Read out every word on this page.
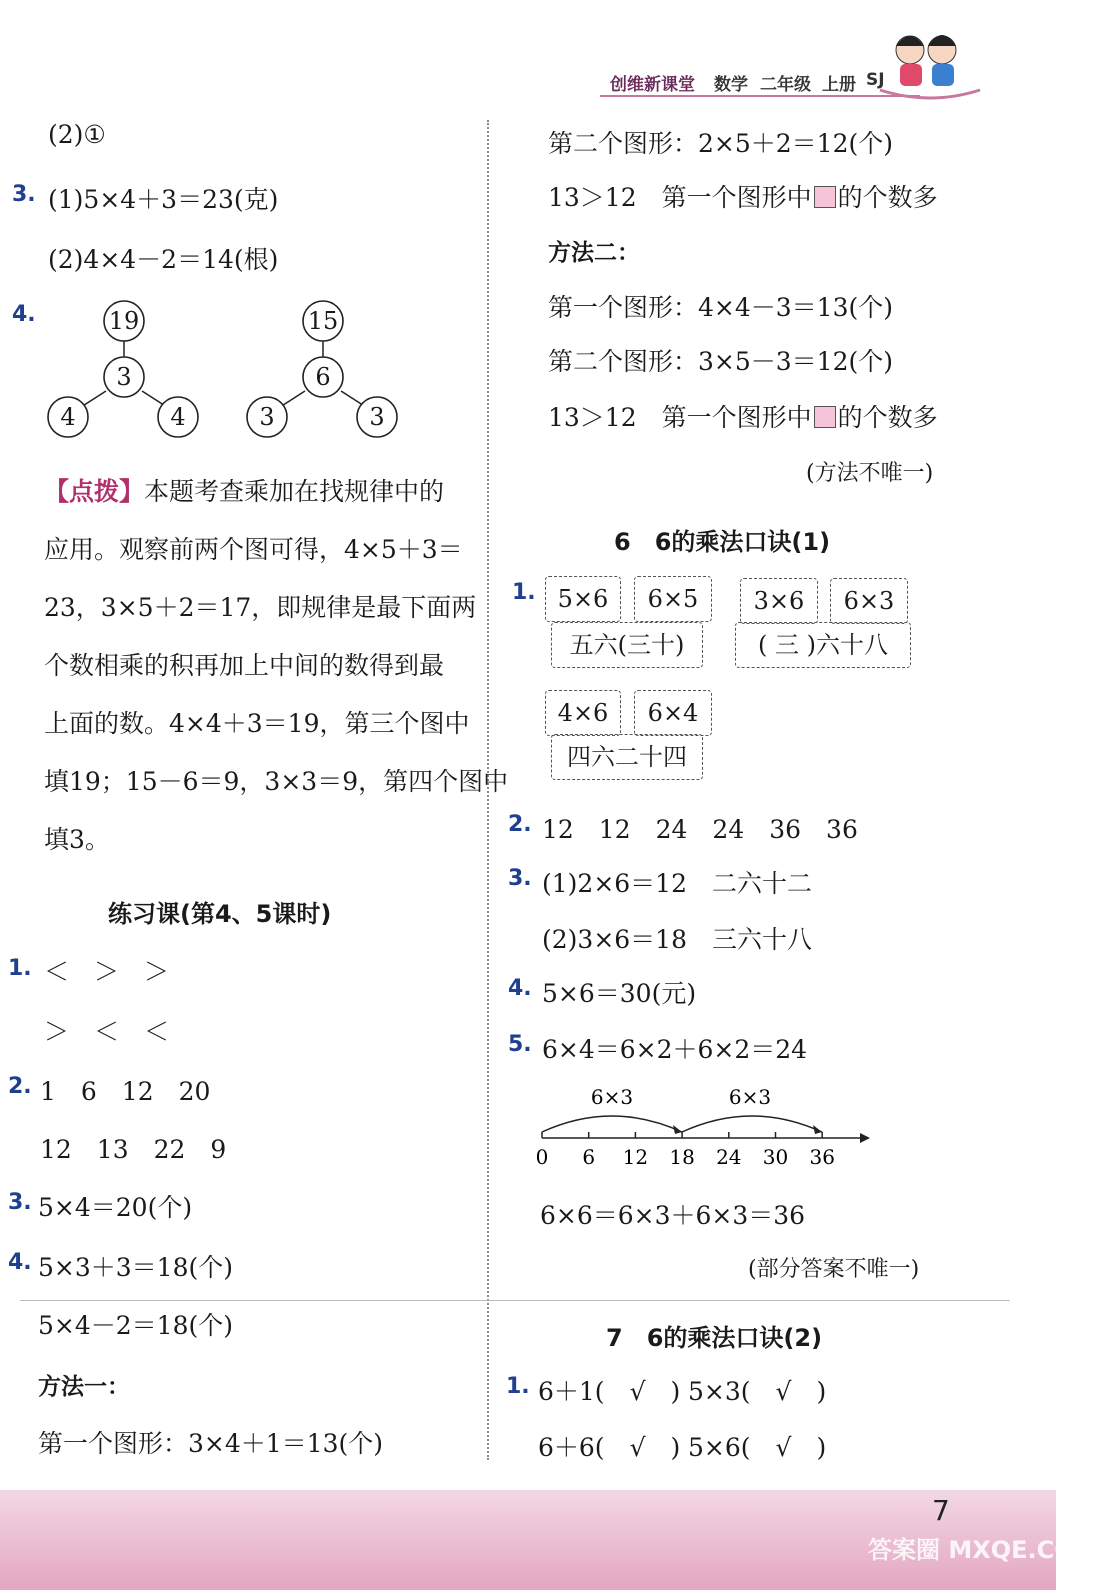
创维新课堂 数学 二年级 上册 SJ
(2)①
3. (1)5×4＋3＝23(克)
(2)4×4－2＝14(根)
4.	19
3
4	4
15
6
3	3
【点拨】本题考查乘加在找规律中的
应用。观察前两个图可得，4×5＋3＝
23，3×5＋2＝17，即规律是最下面两
个数相乘的积再加上中间的数得到最
上面的数。4×4＋3＝19，第三个图中
填19；15－6＝9，3×3＝9，第四个图中
填3。
练习课(第4、5课时)
1. ＜　＞　＞
＞　＜　＜
2. 1　6　12　20
12　13　22　9
3. 5×4＝20(个)
4. 5×3＋3＝18(个)
5×4－2＝18(个)
方法一：
第一个图形：3×4＋1＝13(个)
第二个图形：2×5＋2＝12(个)
13＞12　第一个图形中 的个数多
方法二：
第一个图形：4×4－3＝13(个)
第二个图形：3×5－3＝12(个)
13＞12　第一个图形中 的个数多
(方法不唯一)
6　6的乘法口诀(1)
1. 5×6	6×5
五六(三十)
3×6	6×3
( 三 )六十八
4×6	6×4
四六二十四
2. 12　12　24　24　36　36
3. (1)2×6＝12　二六十二
(2)3×6＝18　三六十八
4. 5×6＝30(元)
5. 6×4＝6×2＋6×2＝24
6×3	6×3
0 6 12 18 24 30 36
6×6＝6×3＋6×3＝36
(部分答案不唯一)
7　6的乘法口诀(2)
1. 6＋1(　√　) 5×3(　√　)
6＋6(　√　) 5×6(　√　)
7
答案圈 MXQE.COM
